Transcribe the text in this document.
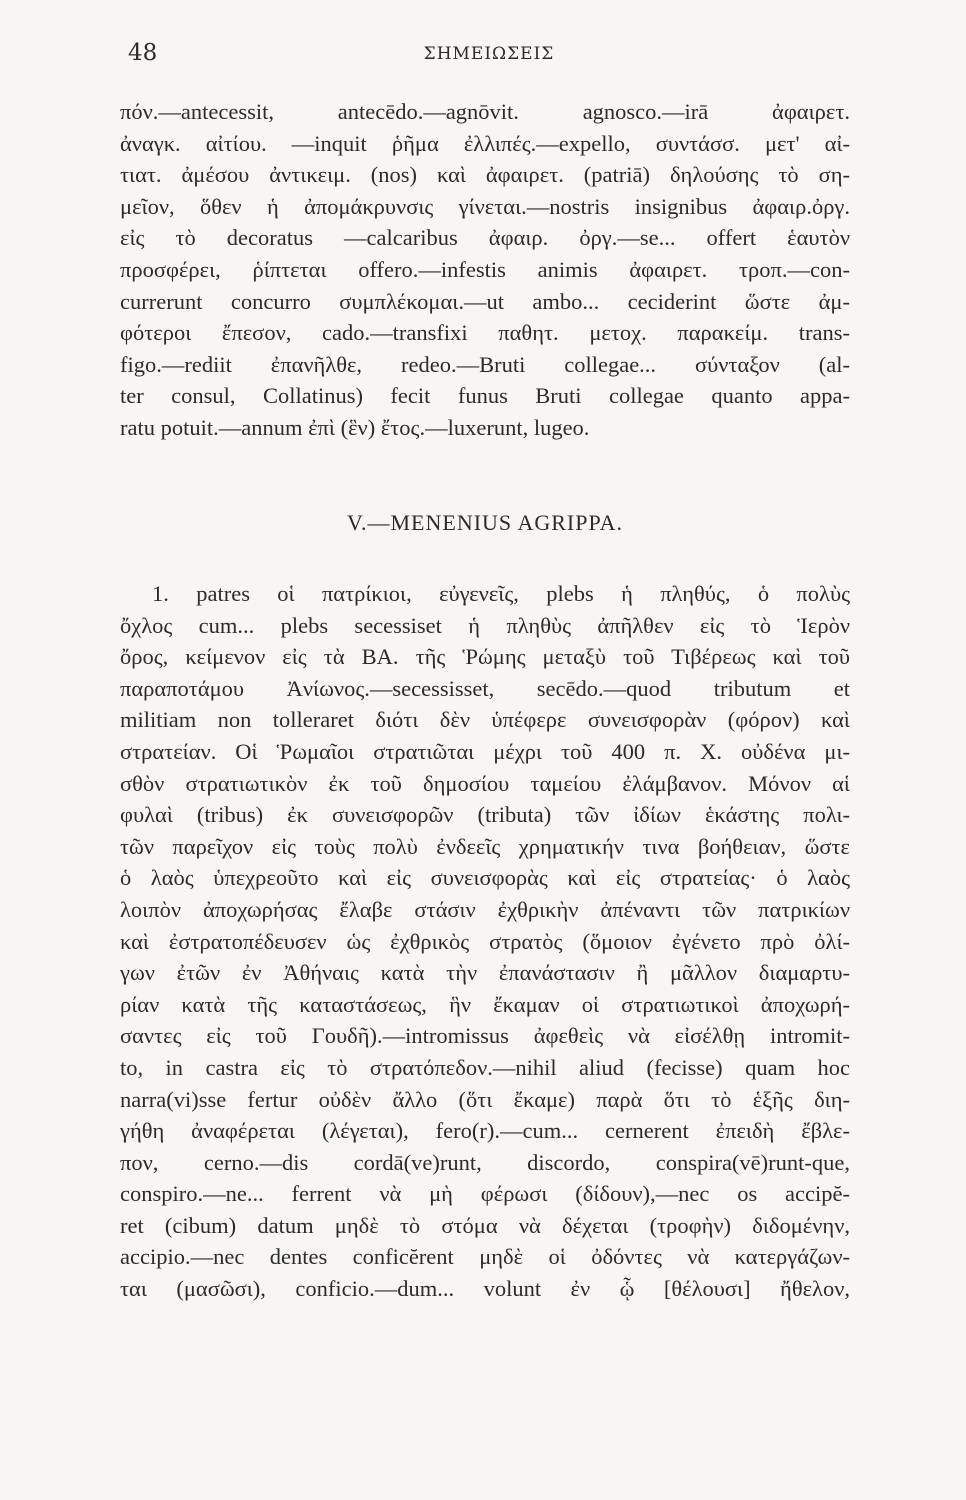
48	ΣΗΜΕΙΩΣΕΙΣ
πόν.—antecessit, antecēdo.—agnōvit. agnosco.—irā ἀφαιρετ.
ἀναγκ. αἰτίου. —inquit ῥῆμα ἐλλιπές.—expello, συντάσσ. μετ' αἰ-
τιατ. ἀμέσου ἀντικειμ. (nos) καὶ ἀφαιρετ. (patriā) δηλούσης τὸ ση-
μεῖον, ὅθεν ἡ ἀπομάκρυνσις γίνεται.—nostris insignibus ἀφαιρ.ὀργ.
εἰς τὸ decoratus —calcaribus ἀφαιρ. ὀργ.—se... offert ἑαυτὸν
προσφέρει, ῥίπτεται offero.—infestis animis ἀφαιρετ. τροπ.—con-
currerunt concurro συμπλέκομαι.—ut ambo... ceciderint ὥστε ἀμ-
φότεροι ἔπεσον, cado.—transfixi παθητ. μετοχ. παρακείμ. trans-
figo.—rediit ἐπανῆλθε, redeo.—Bruti collegae... σύνταξον (al-
ter consul, Collatinus) fecit funus Bruti collegae quanto appa-
ratu potuit.—annum ἐπὶ (ἓν) ἔτος.—luxerunt, lugeo.
V.—MENENIUS AGRIPPA.
1. patres οἱ πατρίκιοι, εὐγενεῖς, plebs ἡ πληθύς, ὁ πολὺς
ὄχλος cum... plebs secessiset ἡ πληθὺς ἀπῆλθεν εἰς τὸ Ἱερὸν
ὄρος, κείμενον εἰς τὰ ΒΑ. τῆς Ῥώμης μεταξὺ τοῦ Τιβέρεως καὶ τοῦ
παραποτάμου Ἀνίωνος.—secessisset, secēdo.—quod tributum et
militiam non tolleraret διότι δὲν ὑπέφερε συνεισφορὰν (φόρον) καὶ
στρατείαν. Οἱ Ῥωμαῖοι στρατιῶται μέχρι τοῦ 400 π. Χ. οὐδένα μι-
σθὸν στρατιωτικὸν ἐκ τοῦ δημοσίου ταμείου ἐλάμβανον. Μόνον αἱ
φυλαὶ (tribus) ἐκ συνεισφορῶν (tributa) τῶν ἰδίων ἑκάστης πολι-
τῶν παρεῖχον εἰς τοὺς πολὺ ἐνδεεῖς χρηματικήν τινα βοήθειαν, ὥστε
ὁ λαὸς ὑπεχρεοῦτο καὶ εἰς συνεισφορὰς καὶ εἰς στρατείας· ὁ λαὸς
λοιπὸν ἀποχωρήσας ἔλαβε στάσιν ἐχθρικὴν ἀπέναντι τῶν πατρικίων
καὶ ἐστρατοπέδευσεν ὡς ἐχθρικὸς στρατὸς (ὅμοιον ἐγένετο πρὸ ὀλί-
γων ἐτῶν ἐν Ἀθήναις κατὰ τὴν ἐπανάστασιν ἢ μᾶλλον διαμαρτυ-
ρίαν κατὰ τῆς καταστάσεως, ἣν ἔκαμαν οἱ στρατιωτικοὶ ἀποχωρή-
σαντες εἰς τοῦ Γουδῆ).—intromissus ἀφεθεὶς νὰ εἰσέλθῃ intromit-
to, in castra εἰς τὸ στρατόπεδον.—nihil aliud (fecisse) quam hoc
narra(vi)sse fertur οὐδὲν ἄλλο (ὅτι ἔκαμε) παρὰ ὅτι τὸ ἑξῆς διη-
γήθη ἀναφέρεται (λέγεται), fero(r).—cum... cernerent ἐπειδὴ ἔβλε-
πον, cerno.—dis cordā(ve)runt, discordo, conspira(vē)runt-que,
conspiro.—ne... ferrent νὰ μὴ φέρωσι (δίδουν),—nec os accipĕ-
ret (cibum) datum μηδὲ τὸ στόμα νὰ δέχεται (τροφὴν) διδομένην,
accipio.—nec dentes conficĕrent μηδὲ οἱ ὀδόντες νὰ κατεργάζων-
ται (μασῶσι), conficio.—dum... volunt ἐν ᾧ [θέλουσι] ἤθελον,
